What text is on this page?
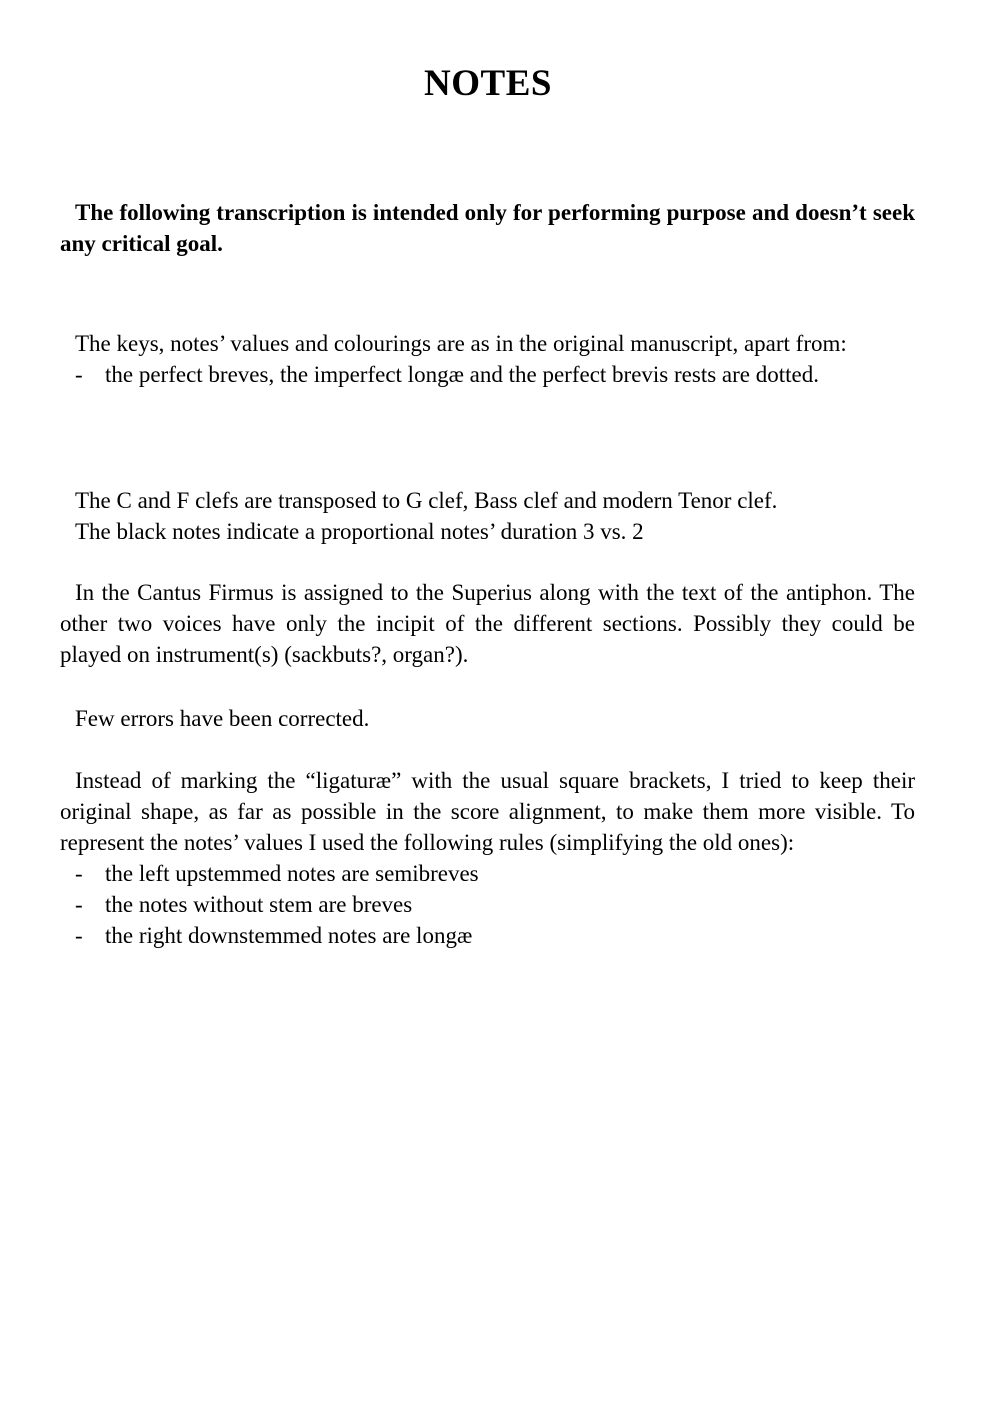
NOTES

The following transcription is intended only for performing purpose and doesn’t seek any critical goal.

The keys, notes’ values and colourings are as in the original manuscript, apart from:

- the perfect breves, the imperfect longæ and the perfect brevis rests are dotted.

The C and F clefs are transposed to G clef, Bass clef and modern Tenor clef.

The black notes indicate a proportional notes’ duration 3 vs. 2

In the Cantus Firmus is assigned to the Superius along with the text of the antiphon. The other two voices have only the incipit of the different sections. Possibly they could be played on instrument(s) (sackbuts?, organ?).

Few errors have been corrected.

Instead of marking the “ligaturæ” with the usual square brackets, I tried to keep their original shape, as far as possible in the score alignment, to make them more visible. To represent the notes’ values I used the following rules (simplifying the old ones):

- the left upstemmed notes are semibreves
- the notes without stem are breves
- the right downstemmed notes are longæ
